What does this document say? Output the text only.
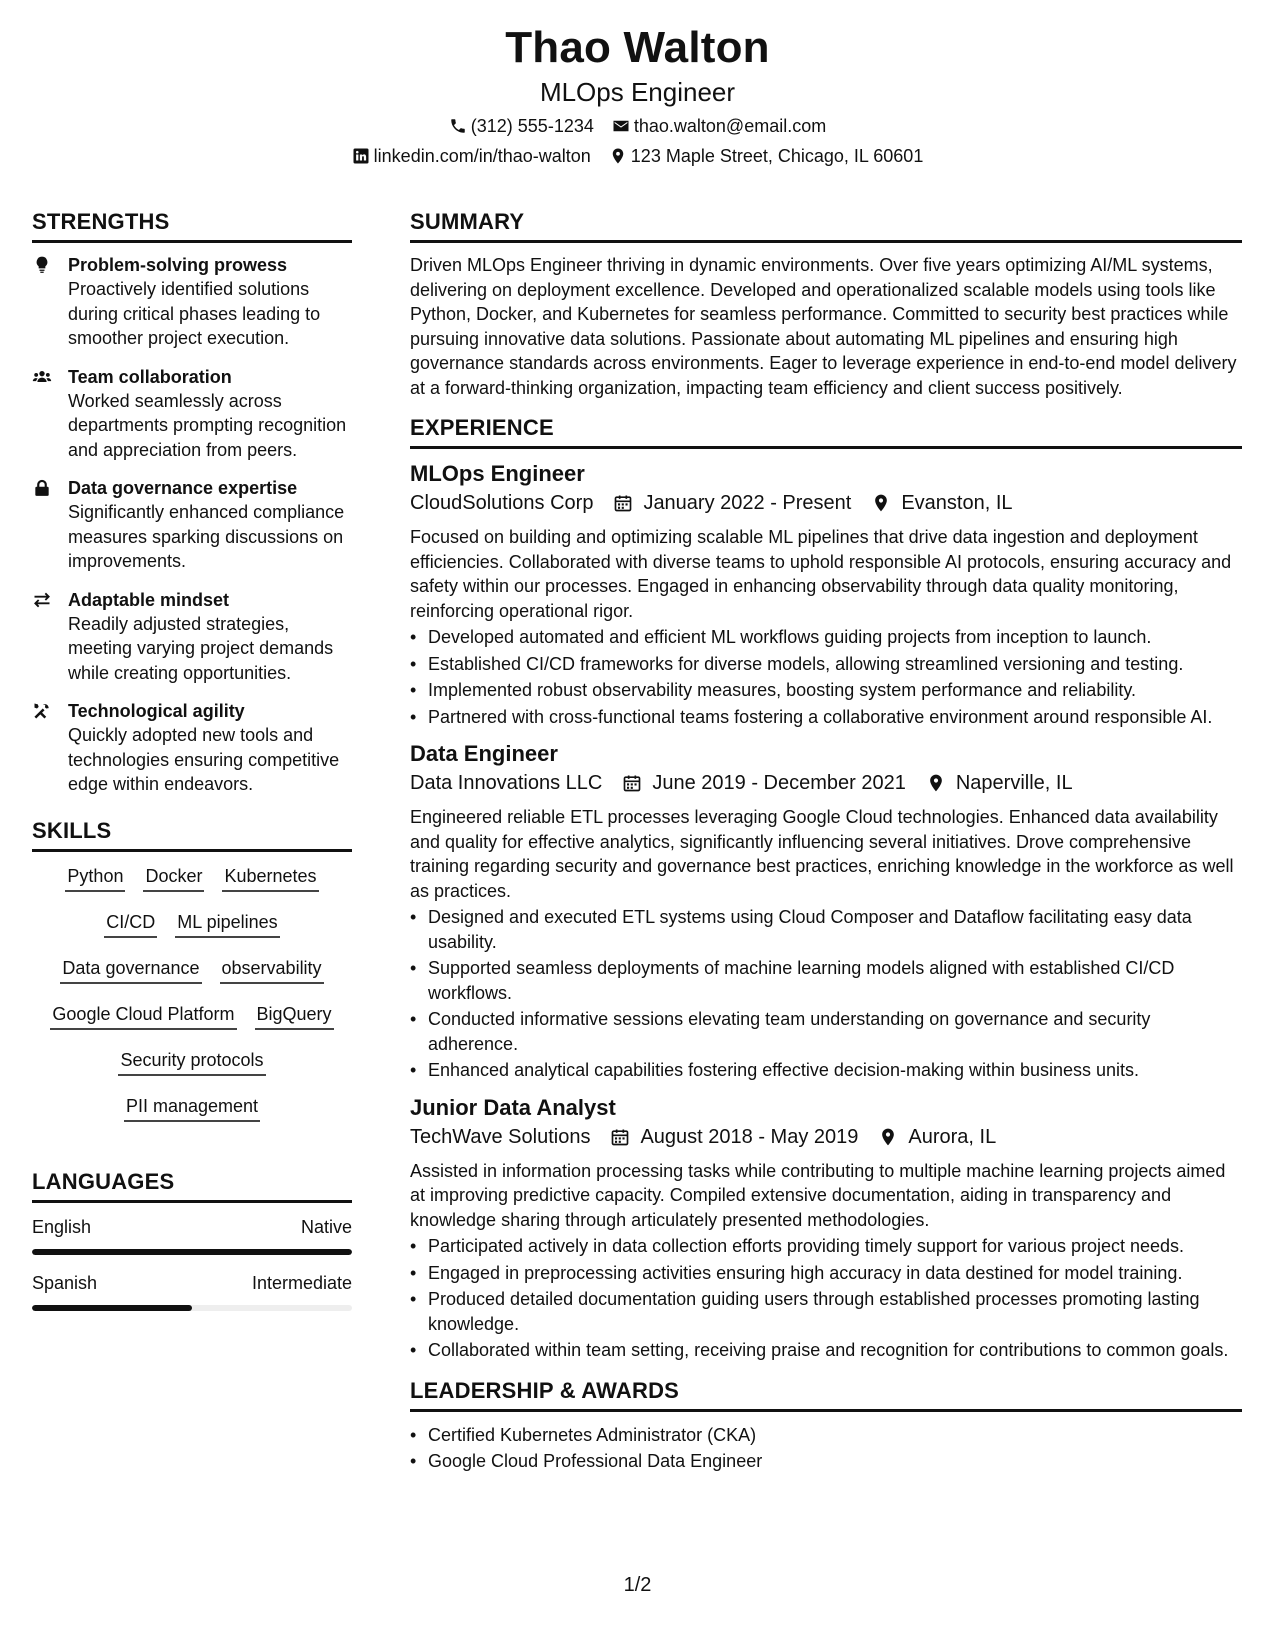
Thao Walton
MLOps Engineer
(312) 555-1234 thao.walton@email.com
linkedin.com/in/thao-walton 123 Maple Street, Chicago, IL 60601
STRENGTHS
Problem-solving prowess
Proactively identified solutions during critical phases leading to smoother project execution.
Team collaboration
Worked seamlessly across departments prompting recognition and appreciation from peers.
Data governance expertise
Significantly enhanced compliance measures sparking discussions on improvements.
Adaptable mindset
Readily adjusted strategies, meeting varying project demands while creating opportunities.
Technological agility
Quickly adopted new tools and technologies ensuring competitive edge within endeavors.
SKILLS
Python Docker Kubernetes
CI/CD ML pipelines
Data governance observability
Google Cloud Platform BigQuery
Security protocols
PII management
LANGUAGES
English	Native
Spanish	Intermediate
SUMMARY
Driven MLOps Engineer thriving in dynamic environments. Over five years optimizing AI/ML systems, delivering on deployment excellence. Developed and operationalized scalable models using tools like Python, Docker, and Kubernetes for seamless performance. Committed to security best practices while pursuing innovative data solutions. Passionate about automating ML pipelines and ensuring high governance standards across environments. Eager to leverage experience in end-to-end model delivery at a forward-thinking organization, impacting team efficiency and client success positively.
EXPERIENCE
MLOps Engineer
CloudSolutions Corp	January 2022 - Present	Evanston, IL
Focused on building and optimizing scalable ML pipelines that drive data ingestion and deployment efficiencies. Collaborated with diverse teams to uphold responsible AI protocols, ensuring accuracy and safety within our processes. Engaged in enhancing observability through data quality monitoring, reinforcing operational rigor.
• Developed automated and efficient ML workflows guiding projects from inception to launch.
• Established CI/CD frameworks for diverse models, allowing streamlined versioning and testing.
• Implemented robust observability measures, boosting system performance and reliability.
• Partnered with cross-functional teams fostering a collaborative environment around responsible AI.
Data Engineer
Data Innovations LLC	June 2019 - December 2021	Naperville, IL
Engineered reliable ETL processes leveraging Google Cloud technologies. Enhanced data availability and quality for effective analytics, significantly influencing several initiatives. Drove comprehensive training regarding security and governance best practices, enriching knowledge in the workforce as well as practices.
• Designed and executed ETL systems using Cloud Composer and Dataflow facilitating easy data usability.
• Supported seamless deployments of machine learning models aligned with established CI/CD workflows.
• Conducted informative sessions elevating team understanding on governance and security adherence.
• Enhanced analytical capabilities fostering effective decision-making within business units.
Junior Data Analyst
TechWave Solutions	August 2018 - May 2019	Aurora, IL
Assisted in information processing tasks while contributing to multiple machine learning projects aimed at improving predictive capacity. Compiled extensive documentation, aiding in transparency and knowledge sharing through articulately presented methodologies.
• Participated actively in data collection efforts providing timely support for various project needs.
• Engaged in preprocessing activities ensuring high accuracy in data destined for model training.
• Produced detailed documentation guiding users through established processes promoting lasting knowledge.
• Collaborated within team setting, receiving praise and recognition for contributions to common goals.
LEADERSHIP & AWARDS
• Certified Kubernetes Administrator (CKA)
• Google Cloud Professional Data Engineer
1/2
